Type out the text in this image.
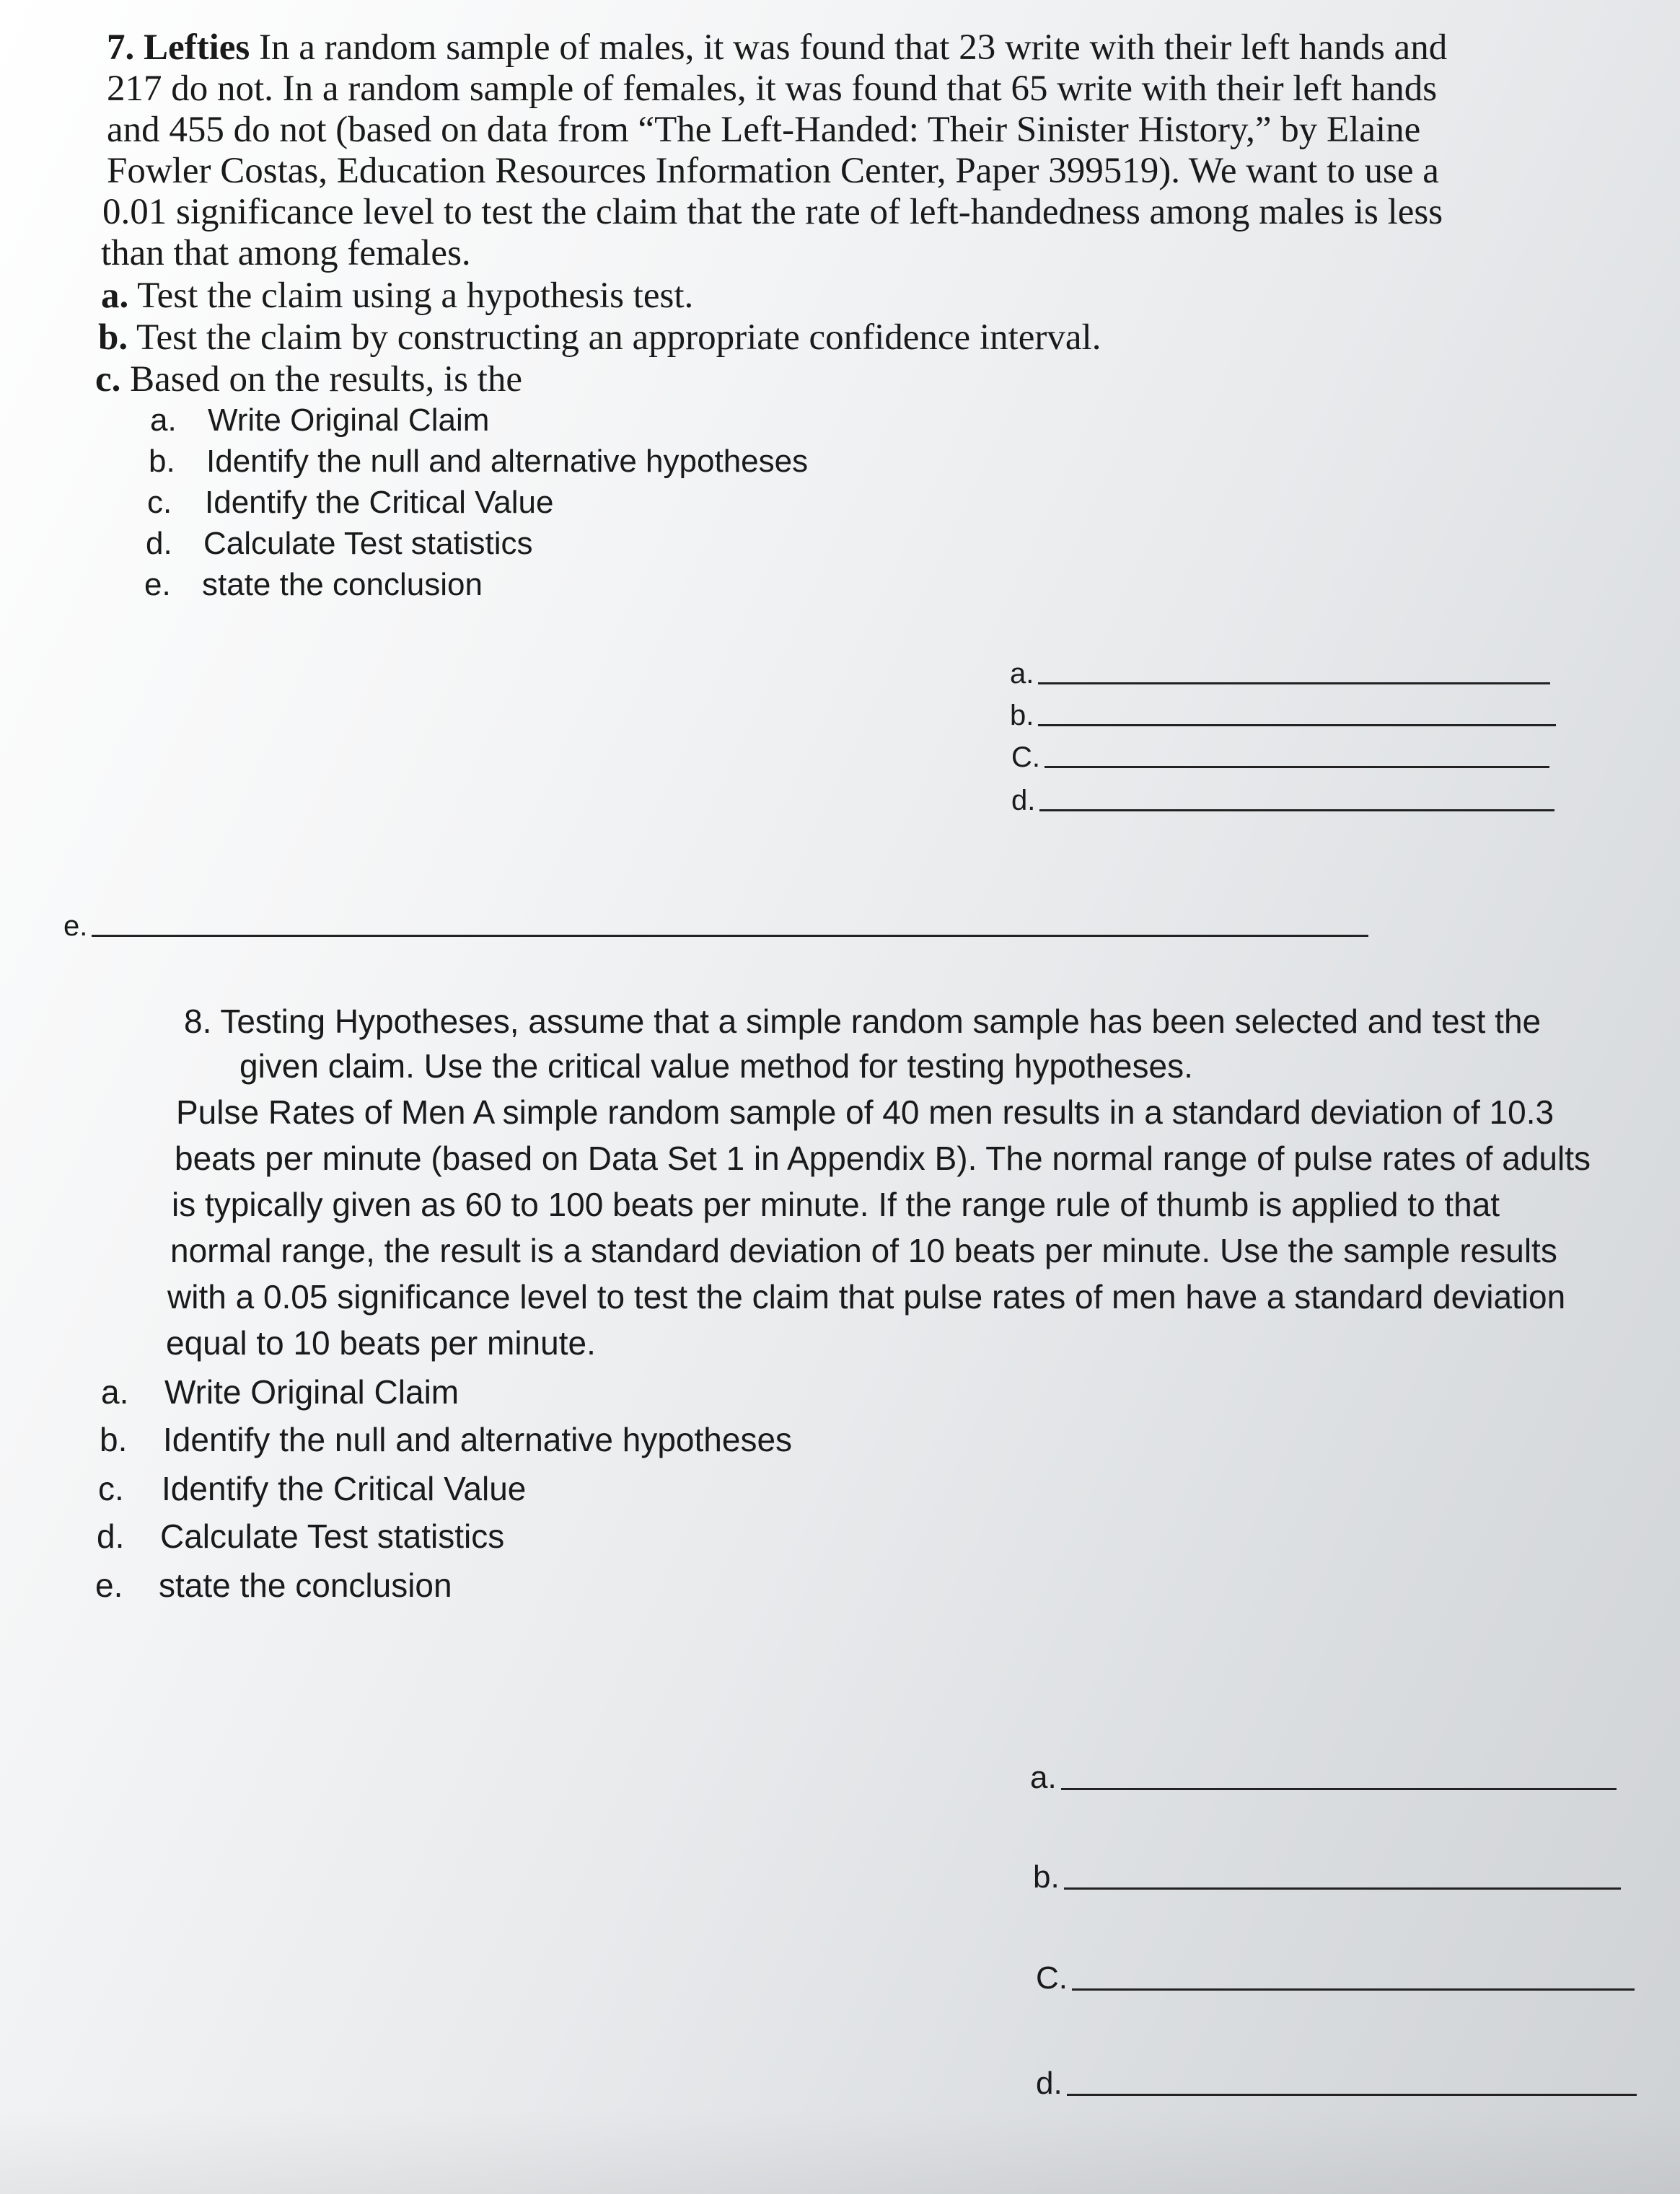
7. Lefties In a random sample of males, it was found that 23 write with their left hands and
217 do not. In a random sample of females, it was found that 65 write with their left hands
and 455 do not (based on data from “The Left-Handed: Their Sinister History,” by Elaine
Fowler Costas, Education Resources Information Center, Paper 399519). We want to use a
0.01 significance level to test the claim that the rate of left-handedness among males is less
than that among females.
a. Test the claim using a hypothesis test.
b. Test the claim by constructing an appropriate confidence interval.
c. Based on the results, is the
a. Write Original Claim
b. Identify the null and alternative hypotheses
c. Identify the Critical Value
d. Calculate Test statistics
e. state the conclusion
a.
b.
C.
d.
e.
8. Testing Hypotheses, assume that a simple random sample has been selected and test the
given claim. Use the critical value method for testing hypotheses.
Pulse Rates of Men A simple random sample of 40 men results in a standard deviation of 10.3
beats per minute (based on Data Set 1 in Appendix B). The normal range of pulse rates of adults
is typically given as 60 to 100 beats per minute. If the range rule of thumb is applied to that
normal range, the result is a standard deviation of 10 beats per minute. Use the sample results
with a 0.05 significance level to test the claim that pulse rates of men have a standard deviation
equal to 10 beats per minute.
a. Write Original Claim
b. Identify the null and alternative hypotheses
c. Identify the Critical Value
d. Calculate Test statistics
e. state the conclusion
a.
b.
C.
d.
